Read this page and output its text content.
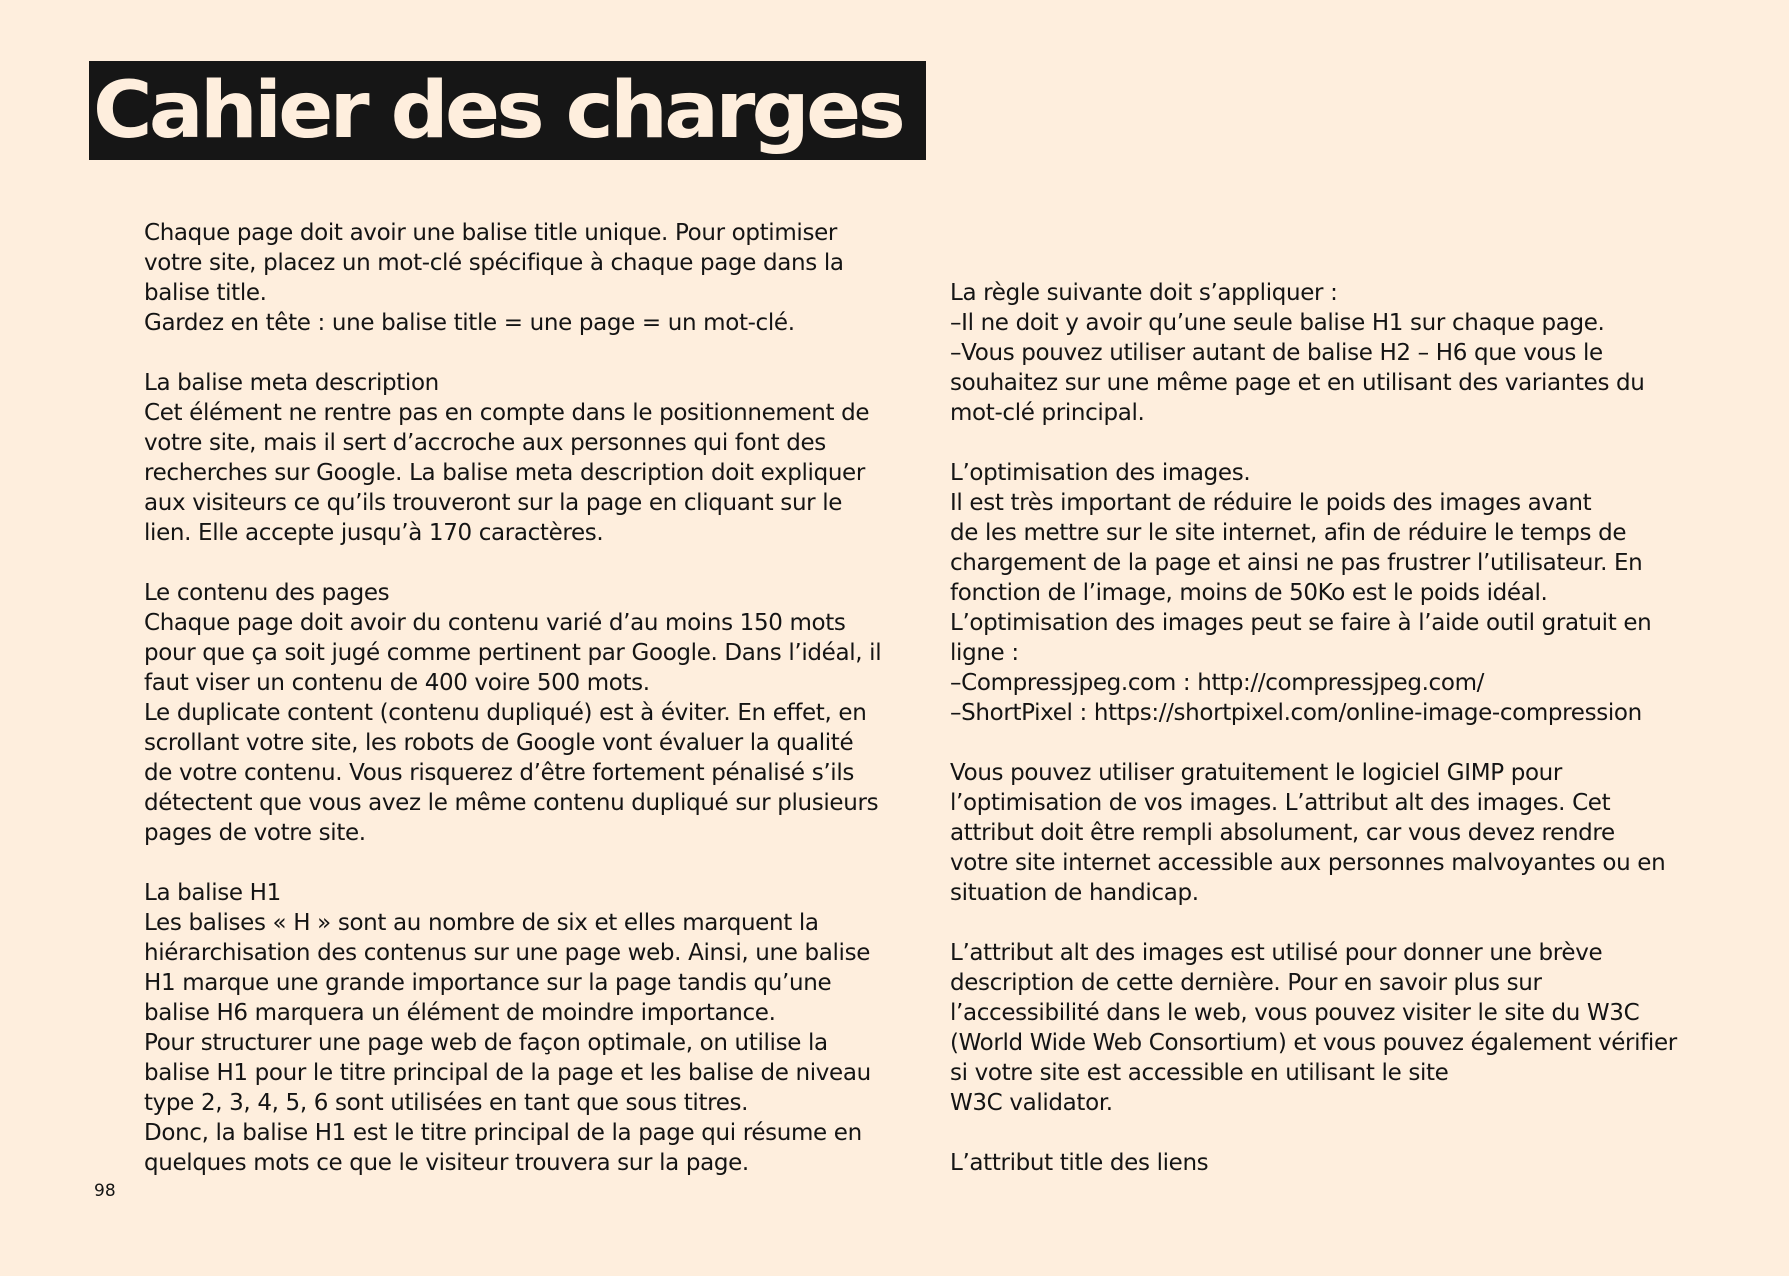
Cahier des charges
Chaque page doit avoir une balise title unique. Pour optimiser
votre site, placez un mot-clé spécifique à chaque page dans la
balise title.
Gardez en tête : une balise title = une page = un mot-clé.
La balise meta description
Cet élément ne rentre pas en compte dans le positionnement de
votre site, mais il sert d’accroche aux personnes qui font des
recherches sur Google. La balise meta description doit expliquer
aux visiteurs ce qu’ils trouveront sur la page en cliquant sur le
lien. Elle accepte jusqu’à 170 caractères.
Le contenu des pages
Chaque page doit avoir du contenu varié d’au moins 150 mots
pour que ça soit jugé comme pertinent par Google. Dans l’idéal, il
faut viser un contenu de 400 voire 500 mots.
Le duplicate content (contenu dupliqué) est à éviter. En effet, en
scrollant votre site, les robots de Google vont évaluer la qualité
de votre contenu. Vous risquerez d’être fortement pénalisé s’ils
détectent que vous avez le même contenu dupliqué sur plusieurs
pages de votre site.
La balise H1
Les balises « H » sont au nombre de six et elles marquent la
hiérarchisation des contenus sur une page web. Ainsi, une balise
H1 marque une grande importance sur la page tandis qu’une
balise H6 marquera un élément de moindre importance.
Pour structurer une page web de façon optimale, on utilise la
balise H1 pour le titre principal de la page et les balise de niveau
type 2, 3, 4, 5, 6 sont utilisées en tant que sous titres.
Donc, la balise H1 est le titre principal de la page qui résume en
quelques mots ce que le visiteur trouvera sur la page.
La règle suivante doit s’appliquer :
–Il ne doit y avoir qu’une seule balise H1 sur chaque page.
–Vous pouvez utiliser autant de balise H2 – H6 que vous le
souhaitez sur une même page et en utilisant des variantes du
mot-clé principal.
L’optimisation des images.
Il est très important de réduire le poids des images avant
de les mettre sur le site internet, afin de réduire le temps de
chargement de la page et ainsi ne pas frustrer l’utilisateur. En
fonction de l’image, moins de 50Ko est le poids idéal.
L’optimisation des images peut se faire à l’aide outil gratuit en
ligne :
–Compressjpeg.com : http://compressjpeg.com/
–ShortPixel : https://shortpixel.com/online-image-compression
Vous pouvez utiliser gratuitement le logiciel GIMP pour
l’optimisation de vos images. L’attribut alt des images. Cet
attribut doit être rempli absolument, car vous devez rendre
votre site internet accessible aux personnes malvoyantes ou en
situation de handicap.
L’attribut alt des images est utilisé pour donner une brève
description de cette dernière. Pour en savoir plus sur
l’accessibilité dans le web, vous pouvez visiter le site du W3C
(World Wide Web Consortium) et vous pouvez également vérifier
si votre site est accessible en utilisant le site
W3C validator.
L’attribut title des liens
98
